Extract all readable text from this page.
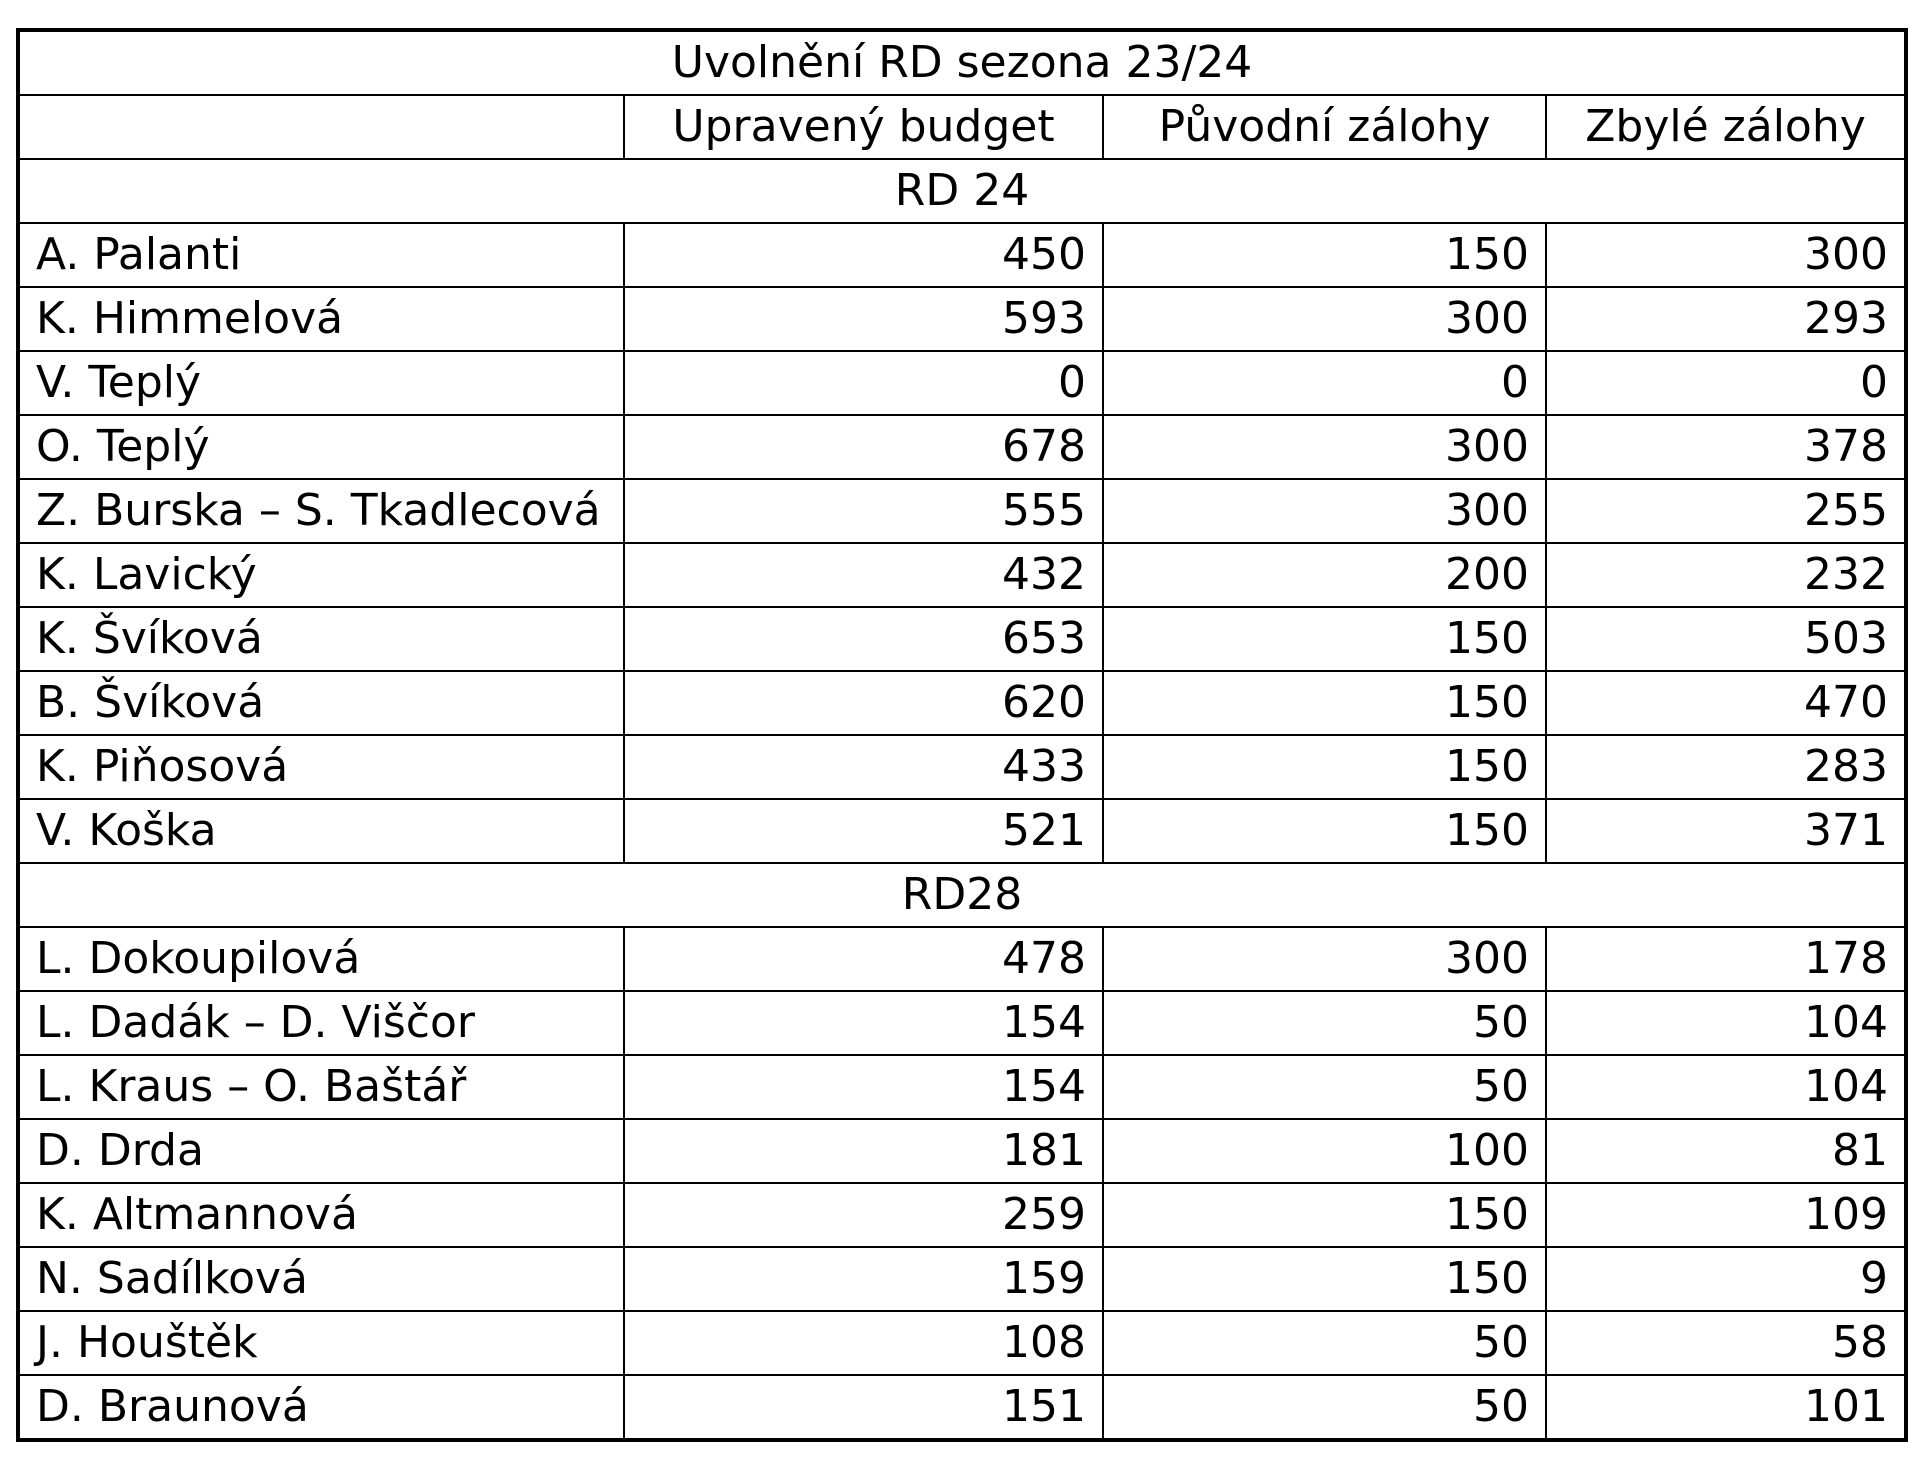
Uvolnění RD sezona 23/24			
	Upravený budget	Původní zálohy	Zbylé zálohy
RD 24			
A. Palanti	450	150	300
K. Himmelová	593	300	293
V. Teplý	0	0	0
O. Teplý	678	300	378
Z. Burska – S. Tkadlecová	555	300	255
K. Lavický	432	200	232
K. Švíková	653	150	503
B. Švíková	620	150	470
K. Piňosová	433	150	283
V. Koška	521	150	371
RD28			
L. Dokoupilová	478	300	178
L. Dadák – D. Viščor	154	50	104
L. Kraus – O. Baštář	154	50	104
D. Drda	181	100	81
K. Altmannová	259	150	109
N. Sadílková	159	150	9
J. Houštěk	108	50	58
D. Braunová	151	50	101
